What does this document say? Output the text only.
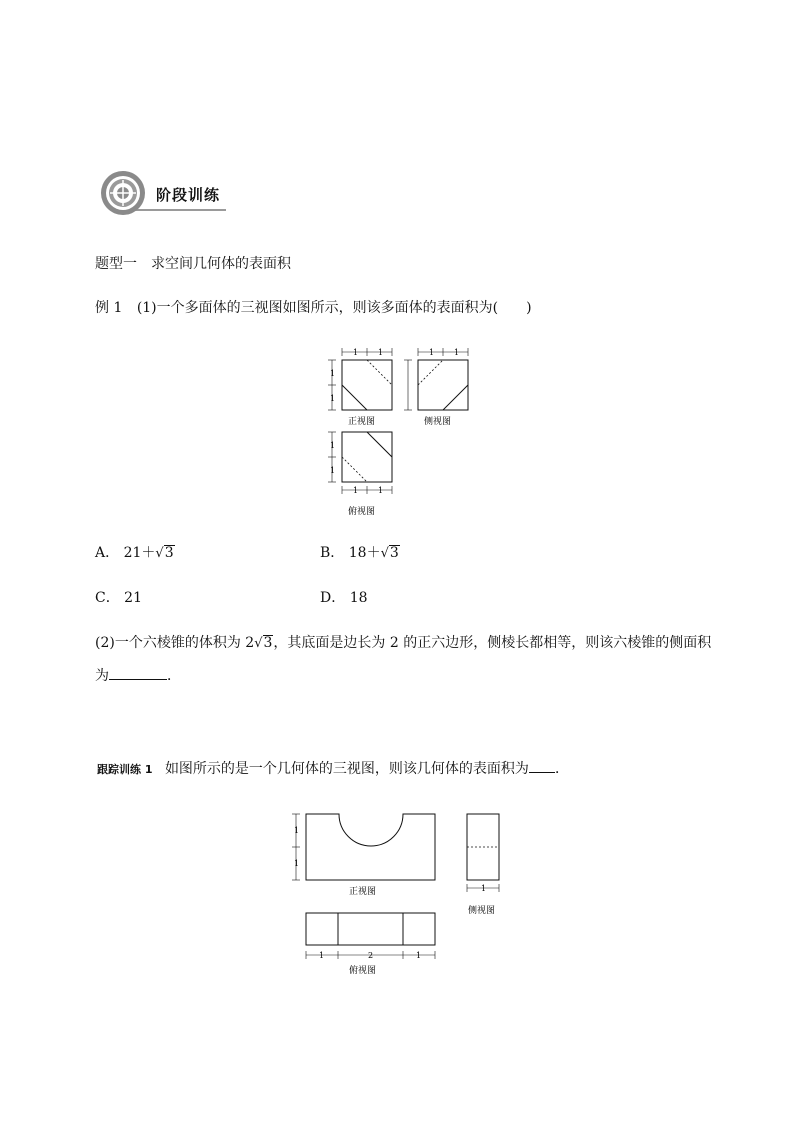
阶段训练
题型一　求空间几何体的表面积
例 1 (1)一个多面体的三视图如图所示，则该多面体的表面积为(　　)
1 1
1
1
正视图
1
1
1 1
俯视图
1 1
侧视图
A． 21＋√3	B． 18＋√3
C． 21	D． 18
(2)一个六棱锥的体积为 2√3，其底面是边长为 2 的正六边形，侧棱长都相等，则该六棱锥的侧面积
为	．
跟踪训练 1 如图所示的是一个几何体的三视图，则该几何体的表面积为 ．
1
1
正视图	1
侧视图
1	2	1
俯视图
